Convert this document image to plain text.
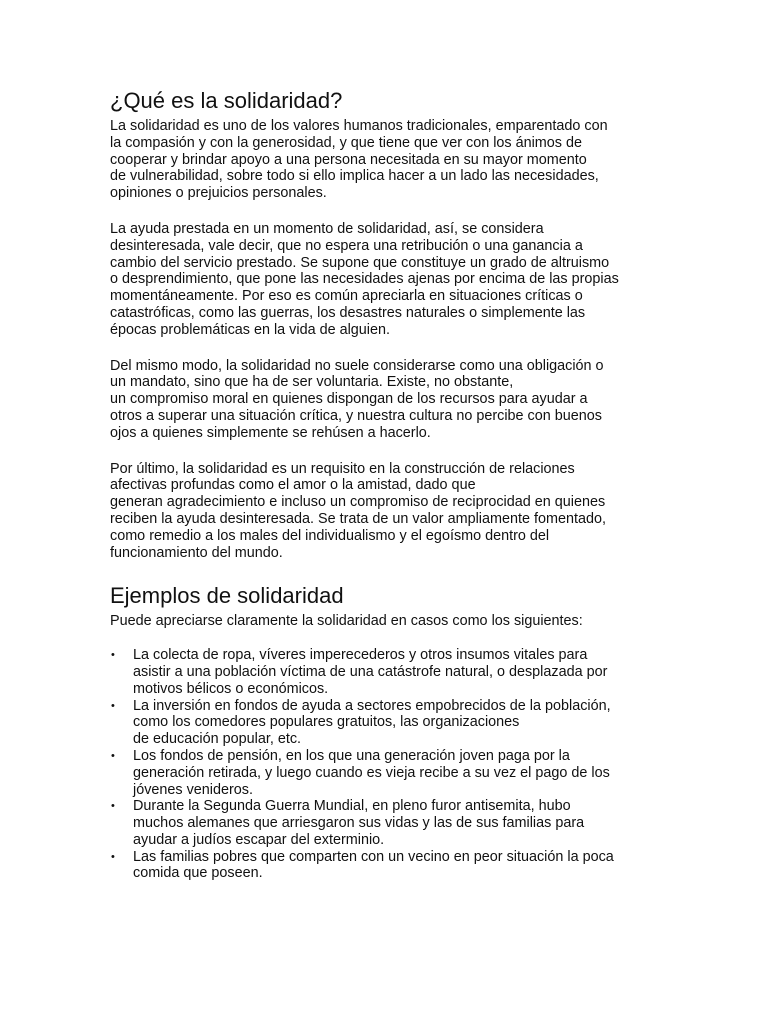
¿Qué es la solidaridad?

La solidaridad es uno de los valores humanos tradicionales, emparentado con
la compasión y con la generosidad, y que tiene que ver con los ánimos de
cooperar y brindar apoyo a una persona necesitada en su mayor momento
de vulnerabilidad, sobre todo si ello implica hacer a un lado las necesidades,
opiniones o prejuicios personales.

La ayuda prestada en un momento de solidaridad, así, se considera
desinteresada, vale decir, que no espera una retribución o una ganancia a
cambio del servicio prestado. Se supone que constituye un grado de altruismo
o desprendimiento, que pone las necesidades ajenas por encima de las propias
momentáneamente. Por eso es común apreciarla en situaciones críticas o
catastróficas, como las guerras, los desastres naturales o simplemente las
épocas problemáticas en la vida de alguien.

Del mismo modo, la solidaridad no suele considerarse como una obligación o
un mandato, sino que ha de ser voluntaria. Existe, no obstante,
un compromiso moral en quienes dispongan de los recursos para ayudar a
otros a superar una situación crítica, y nuestra cultura no percibe con buenos
ojos a quienes simplemente se rehúsen a hacerlo.

Por último, la solidaridad es un requisito en la construcción de relaciones
afectivas profundas como el amor o la amistad, dado que
generan agradecimiento e incluso un compromiso de reciprocidad en quienes
reciben la ayuda desinteresada. Se trata de un valor ampliamente fomentado,
como remedio a los males del individualismo y el egoísmo dentro del
funcionamiento del mundo.

Ejemplos de solidaridad

Puede apreciarse claramente la solidaridad en casos como los siguientes:

• La colecta de ropa, víveres imperecederos y otros insumos vitales para
asistir a una población víctima de una catástrofe natural, o desplazada por
motivos bélicos o económicos.
• La inversión en fondos de ayuda a sectores empobrecidos de la población,
como los comedores populares gratuitos, las organizaciones
de educación popular, etc.
• Los fondos de pensión, en los que una generación joven paga por la
generación retirada, y luego cuando es vieja recibe a su vez el pago de los
jóvenes venideros.
• Durante la Segunda Guerra Mundial, en pleno furor antisemita, hubo
muchos alemanes que arriesgaron sus vidas y las de sus familias para
ayudar a judíos escapar del exterminio.
• Las familias pobres que comparten con un vecino en peor situación la poca
comida que poseen.
